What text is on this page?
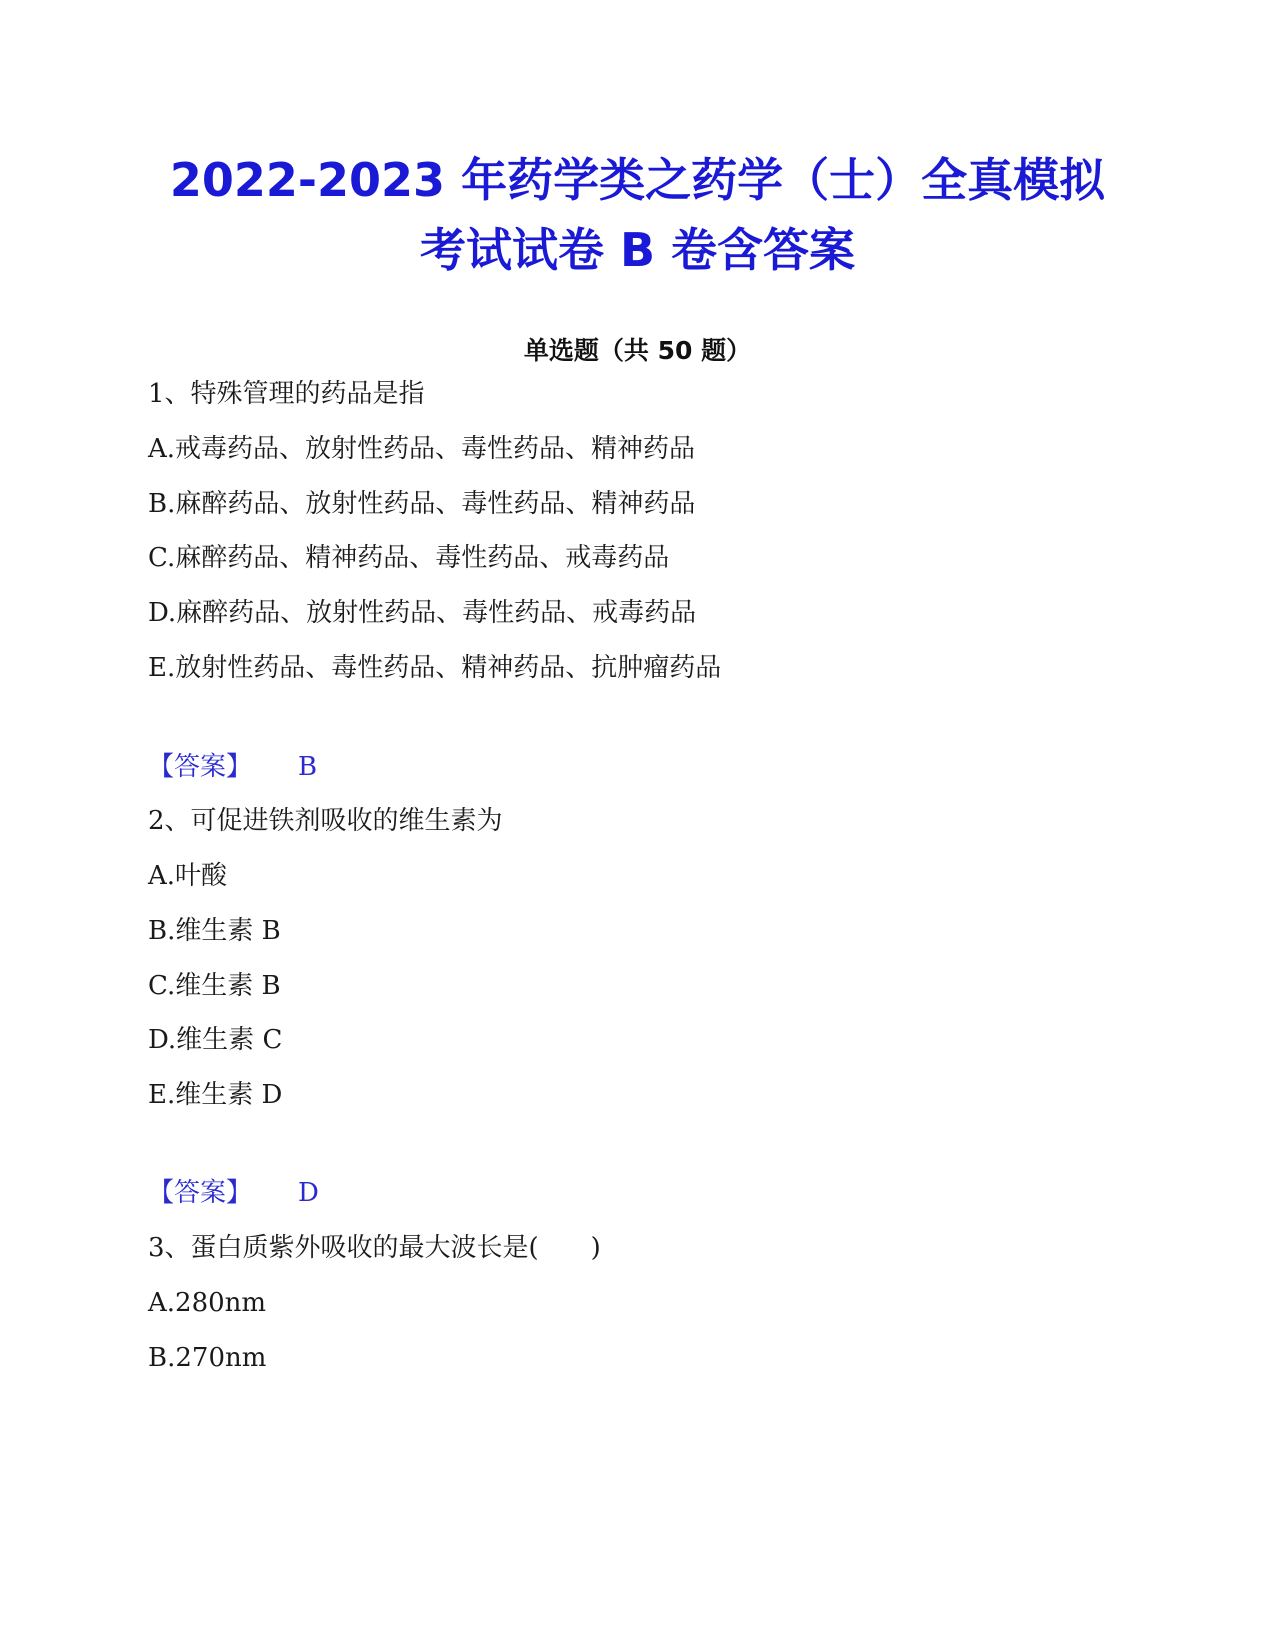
2022-2023 年药学类之药学（士）全真模拟
考试试卷 B 卷含答案
单选题（共 50 题）
1、特殊管理的药品是指
A.戒毒药品、放射性药品、毒性药品、精神药品
B.麻醉药品、放射性药品、毒性药品、精神药品
C.麻醉药品、精神药品、毒性药品、戒毒药品
D.麻醉药品、放射性药品、毒性药品、戒毒药品
E.放射性药品、毒性药品、精神药品、抗肿瘤药品
【答案】 B
2、可促进铁剂吸收的维生素为
A.叶酸
B.维生素 B
C.维生素 B
D.维生素 C
E.维生素 D
【答案】 D
3、蛋白质紫外吸收的最大波长是(　　)
A.280nm
B.270nm
